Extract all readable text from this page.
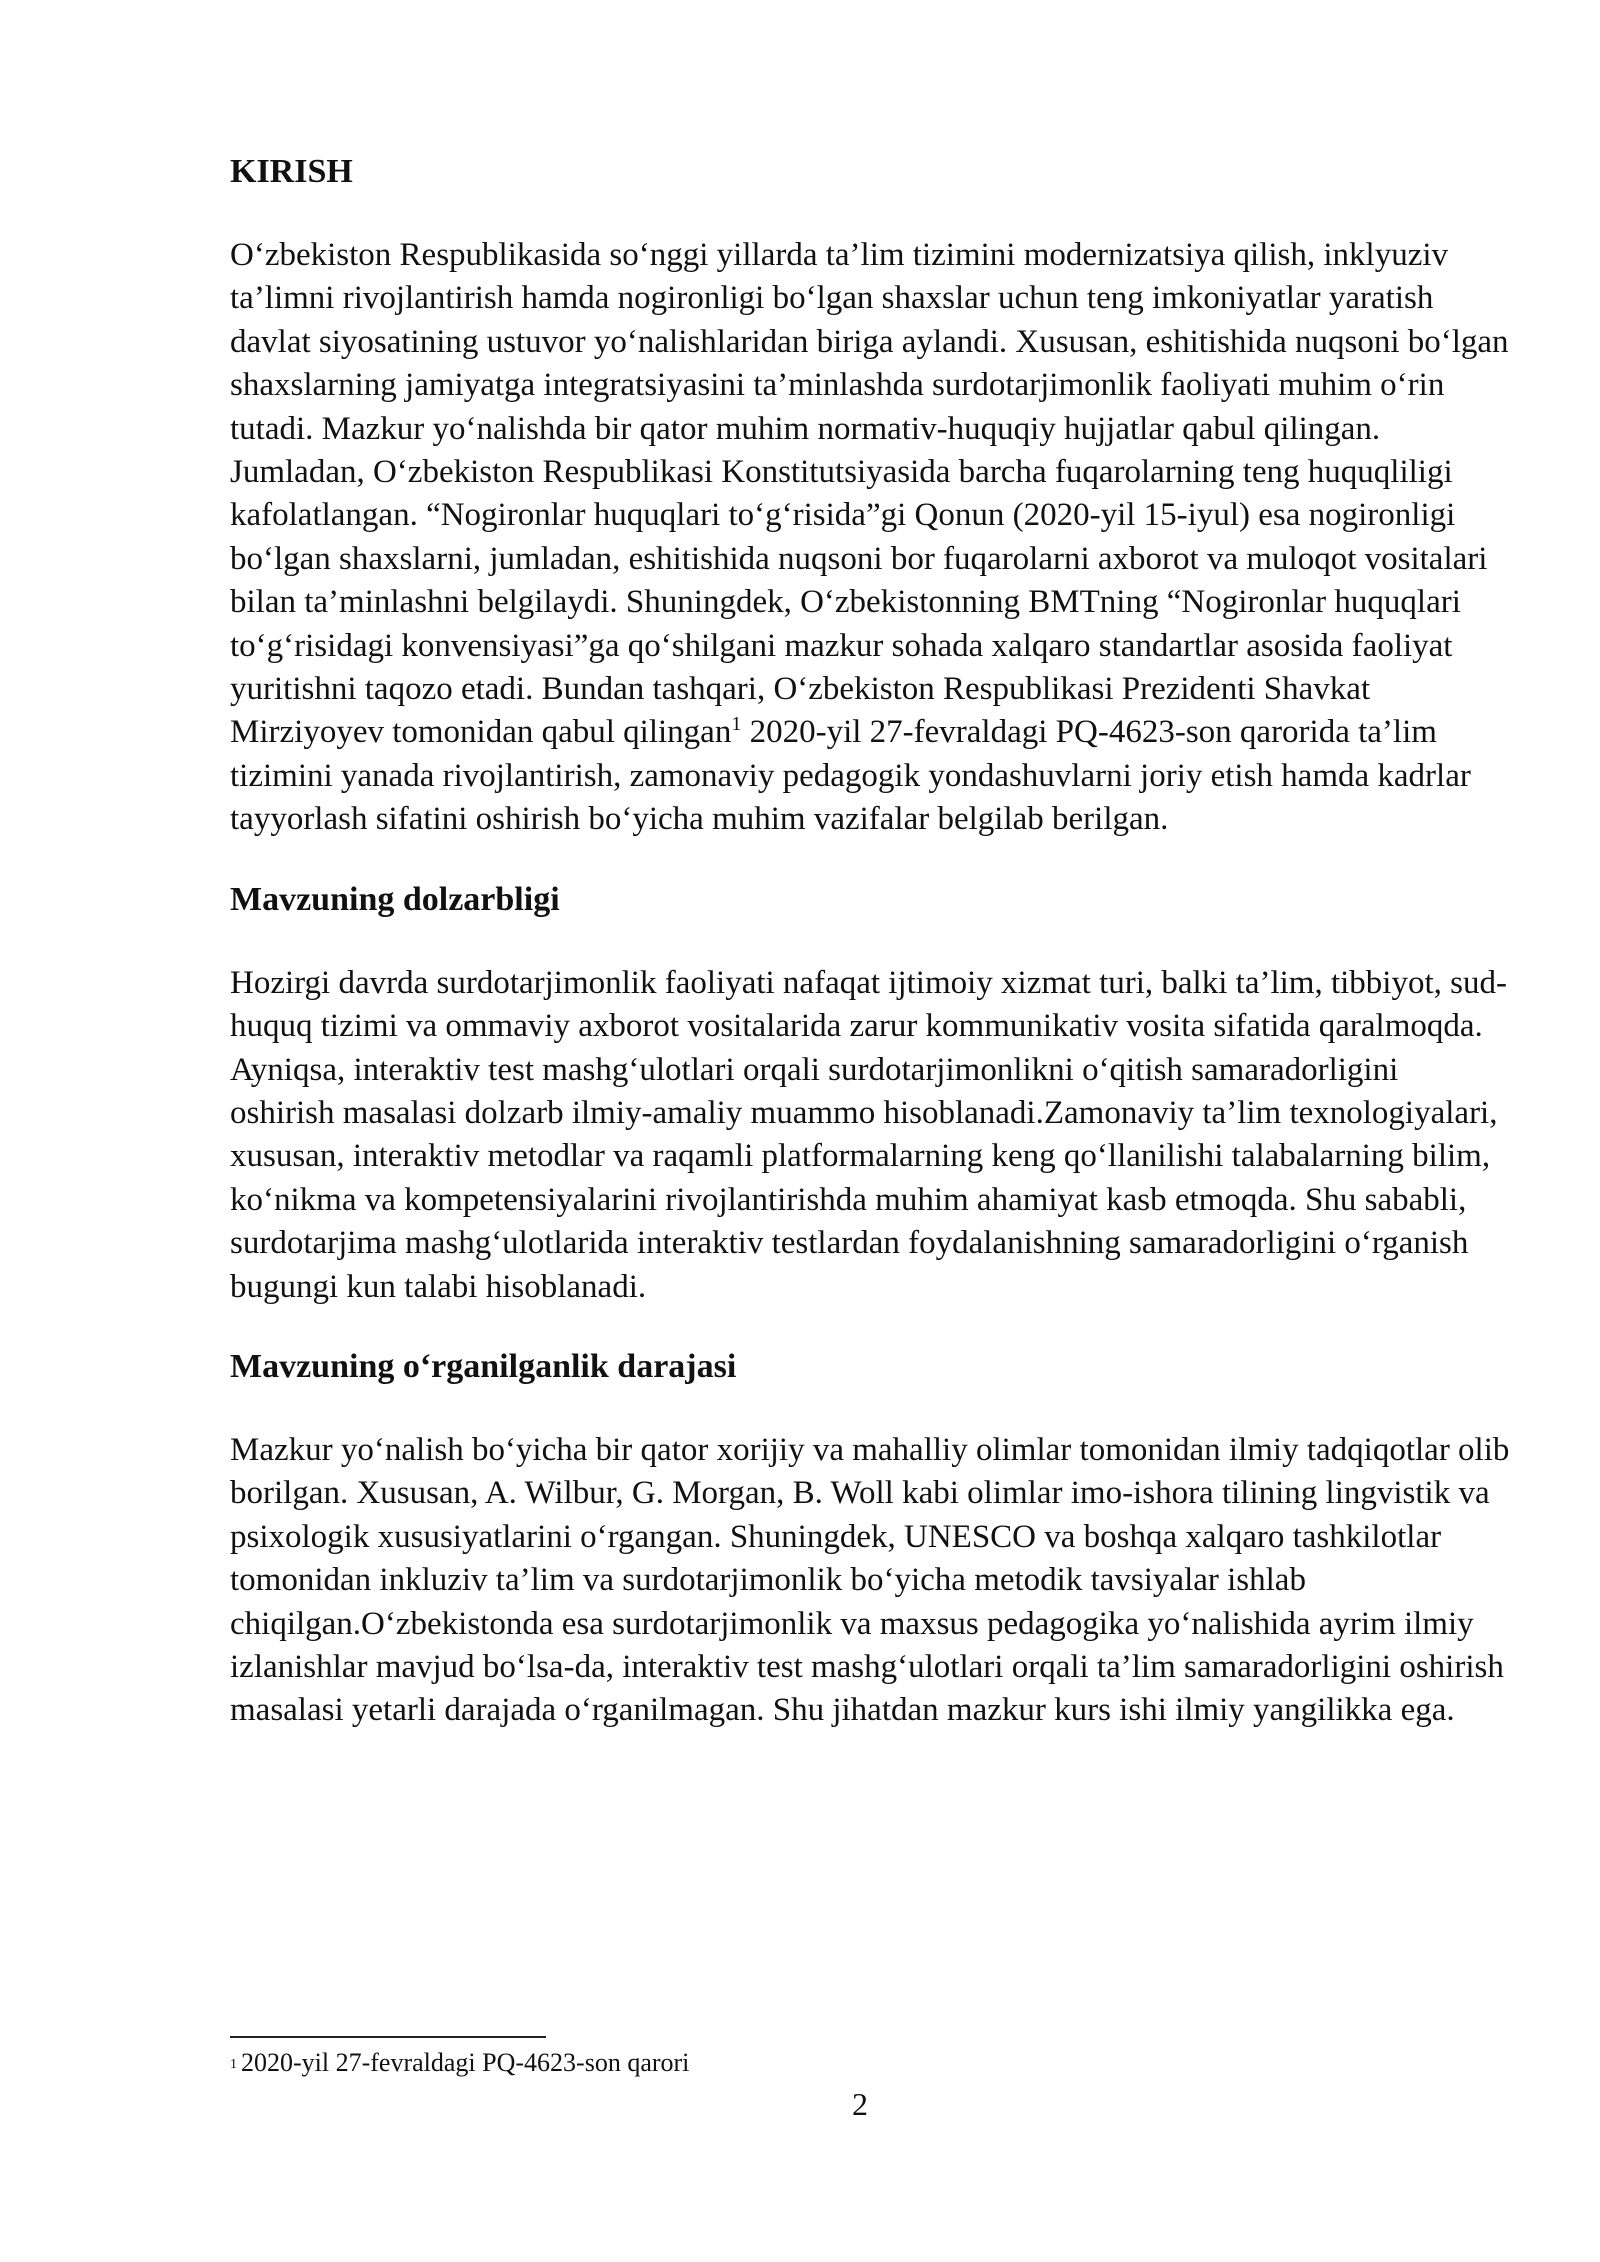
KIRISH

O‘zbekiston Respublikasida so‘nggi yillarda ta’lim tizimini modernizatsiya qilish, inklyuziv ta’limni rivojlantirish hamda nogironligi bo‘lgan shaxslar uchun teng imkoniyatlar yaratish davlat siyosatining ustuvor yo‘nalishlaridan biriga aylandi. Xususan, eshitishida nuqsoni bo‘lgan shaxslarning jamiyatga integratsiyasini ta’minlashda surdotarjimonlik faoliyati muhim o‘rin tutadi. Mazkur yo‘nalishda bir qator muhim normativ-huquqiy hujjatlar qabul qilingan. Jumladan, O‘zbekiston Respublikasi Konstitutsiyasida barcha fuqarolarning teng huquqliligi kafolatlangan. “Nogironlar huquqlari to‘g‘risida”gi Qonun (2020-yil 15-iyul) esa nogironligi bo‘lgan shaxslarni, jumladan, eshitishida nuqsoni bor fuqarolarni axborot va muloqot vositalari bilan ta’minlashni belgilaydi. Shuningdek, O‘zbekistonning BMTning “Nogironlar huquqlari to‘g‘risidagi konvensiyasi”ga qo‘shilgani mazkur sohada xalqaro standartlar asosida faoliyat yuritishni taqozo etadi. Bundan tashqari, O‘zbekiston Respublikasi Prezidenti Shavkat Mirziyoyev tomonidan qabul qilingan$^1$ 2020-yil 27-fevraldagi PQ-4623-son qarorida ta’lim tizimini yanada rivojlantirish, zamonaviy pedagogik yondashuvlarni joriy etish hamda kadrlar tayyorlash sifatini oshirish bo‘yicha muhim vazifalar belgilab berilgan.

Mavzuning dolzarbligi

Hozirgi davrda surdotarjimonlik faoliyati nafaqat ijtimoiy xizmat turi, balki ta’lim, tibbiyot, sud-huquq tizimi va ommaviy axborot vositalarida zarur kommunikativ vosita sifatida qaralmoqda. Ayniqsa, interaktiv test mashg‘ulotlari orqali surdotarjimonlikni o‘qitish samaradorligini oshirish masalasi dolzarb ilmiy-amaliy muammo hisoblanadi.Zamonaviy ta’lim texnologiyalari, xususan, interaktiv metodlar va raqamli platformalarning keng qo‘llanilishi talabalarning bilim, ko‘nikma va kompetensiyalarini rivojlantirishda muhim ahamiyat kasb etmoqda. Shu sababli, surdotarjima mashg‘ulotlarida interaktiv testlardan foydalanishning samaradorligini o‘rganish bugungi kun talabi hisoblanadi.

Mavzuning o‘rganilganlik darajasi

Mazkur yo‘nalish bo‘yicha bir qator xorijiy va mahalliy olimlar tomonidan ilmiy tadqiqotlar olib borilgan. Xususan, A. Wilbur, G. Morgan, B. Woll kabi olimlar imo-ishora tilining lingvistik va psixologik xususiyatlarini o‘rgangan. Shuningdek, UNESCO va boshqa xalqaro tashkilotlar tomonidan inkluziv ta’lim va surdotarjimonlik bo‘yicha metodik tavsiyalar ishlab chiqilgan.O‘zbekistonda esa surdotarjimonlik va maxsus pedagogika yo‘nalishida ayrim ilmiy izlanishlar mavjud bo‘lsa-da, interaktiv test mashg‘ulotlari orqali ta’lim samaradorligini oshirish masalasi yetarli darajada o‘rganilmagan. Shu jihatdan mazkur kurs ishi ilmiy yangilikka ega.

$^1$ 2020-yil 27-fevraldagi PQ-4623-son qarori
2
